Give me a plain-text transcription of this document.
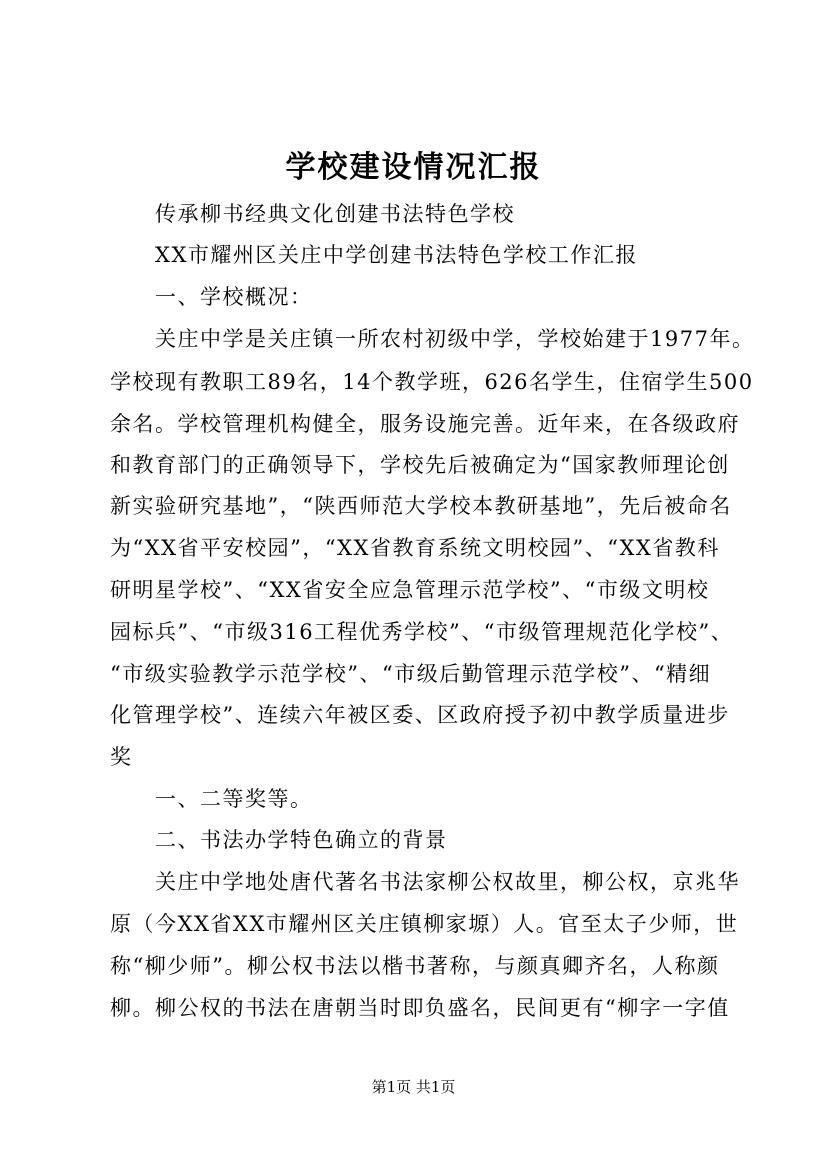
学校建设情况汇报
传承柳书经典文化创建书法特色学校
XX市耀州区关庄中学创建书法特色学校工作汇报
一、学校概况：
关庄中学是关庄镇一所农村初级中学，学校始建于1977年。
学校现有教职工89名，14个教学班，626名学生，住宿学生500
余名。学校管理机构健全，服务设施完善。近年来，在各级政府
和教育部门的正确领导下，学校先后被确定为“国家教师理论创
新实验研究基地”，“陕西师范大学校本教研基地”，先后被命名
为“XX省平安校园”，“XX省教育系统文明校园”、“XX省教科
研明星学校”、“XX省安全应急管理示范学校”、“市级文明校
园标兵”、“市级316工程优秀学校”、“市级管理规范化学校”、
“市级实验教学示范学校”、“市级后勤管理示范学校”、“精细
化管理学校”、连续六年被区委、区政府授予初中教学质量进步
奖
一、二等奖等。
二、书法办学特色确立的背景
关庄中学地处唐代著名书法家柳公权故里，柳公权，京兆华
原（今XX省XX市耀州区关庄镇柳家塬）人。官至太子少师，世
称“柳少师”。柳公权书法以楷书著称，与颜真卿齐名，人称颜
柳。柳公权的书法在唐朝当时即负盛名，民间更有“柳字一字值
第1页 共1页
